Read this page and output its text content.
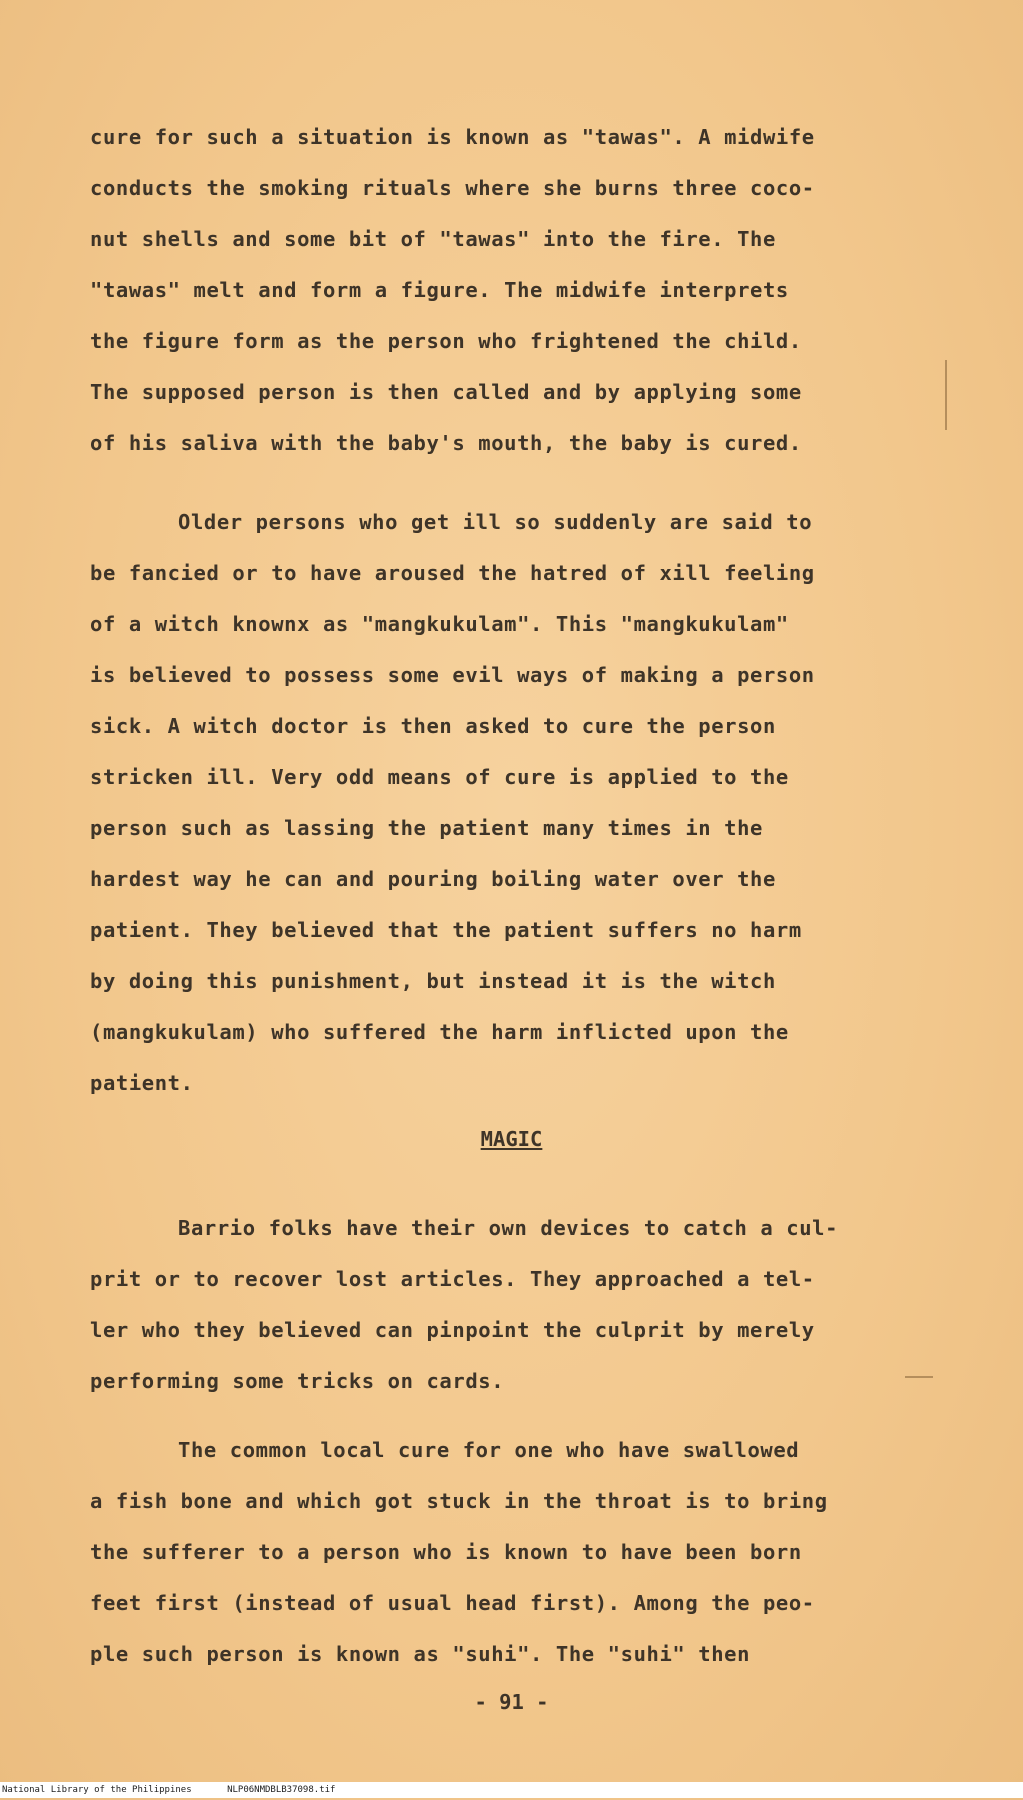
cure for such a situation is known as "tawas". A midwife
conducts the smoking rituals where she burns three coco-
nut shells and some bit of "tawas" into the fire. The
"tawas" melt and form a figure. The midwife interprets
the figure form as the person who frightened the child.
The supposed person is then called and by applying some
of his saliva with the baby's mouth, the baby is cured.
Older persons who get ill so suddenly are said to
be fancied or to have aroused the hatred of xill feeling
of a witch knownx as "mangkukulam". This "mangkukulam"
is believed to possess some evil ways of making a person
sick. A witch doctor is then asked to cure the person
stricken ill. Very odd means of cure is applied to the
person such as lassing the patient many times in the
hardest way he can and pouring boiling water over the
patient. They believed that the patient suffers no harm
by doing this punishment, but instead it is the witch
(mangkukulam) who suffered the harm inflicted upon the
patient.
MAGIC
Barrio folks have their own devices to catch a cul-
prit or to recover lost articles. They approached a tel-
ler who they believed can pinpoint the culprit by merely
performing some tricks on cards.
The common local cure for one who have swallowed
a fish bone and which got stuck in the throat is to bring
the sufferer to a person who is known to have been born
feet first (instead of usual head first). Among the peo-
ple such person is known as "suhi". The "suhi" then
- 91 -
National Library of the Philippines	NLP06NMDBLB37098.tif
